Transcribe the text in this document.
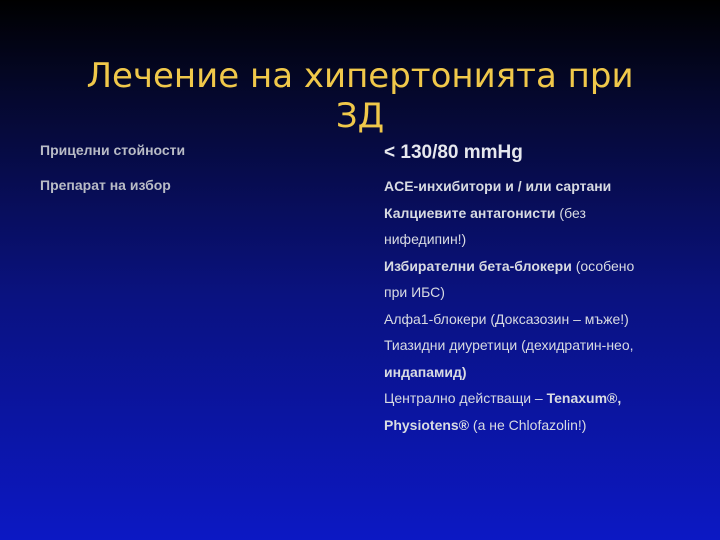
Лечение на хипертонията при
ЗД
Прицелни стойности
Препарат на избор
< 130/80 mmHg
ACE-инхибитори и / или сартани
Калциевите антагонисти (без
нифедипин!)
Избирателни бета-блокери (особено
при ИБС)
Алфа1-блокери (Доксазозин – мъже!)
Тиазидни диуретици (дехидратин-нео,
индапамид)
Централно действащи – Tenaxum®,
Physiotens® (а не Chlofazolin!)
